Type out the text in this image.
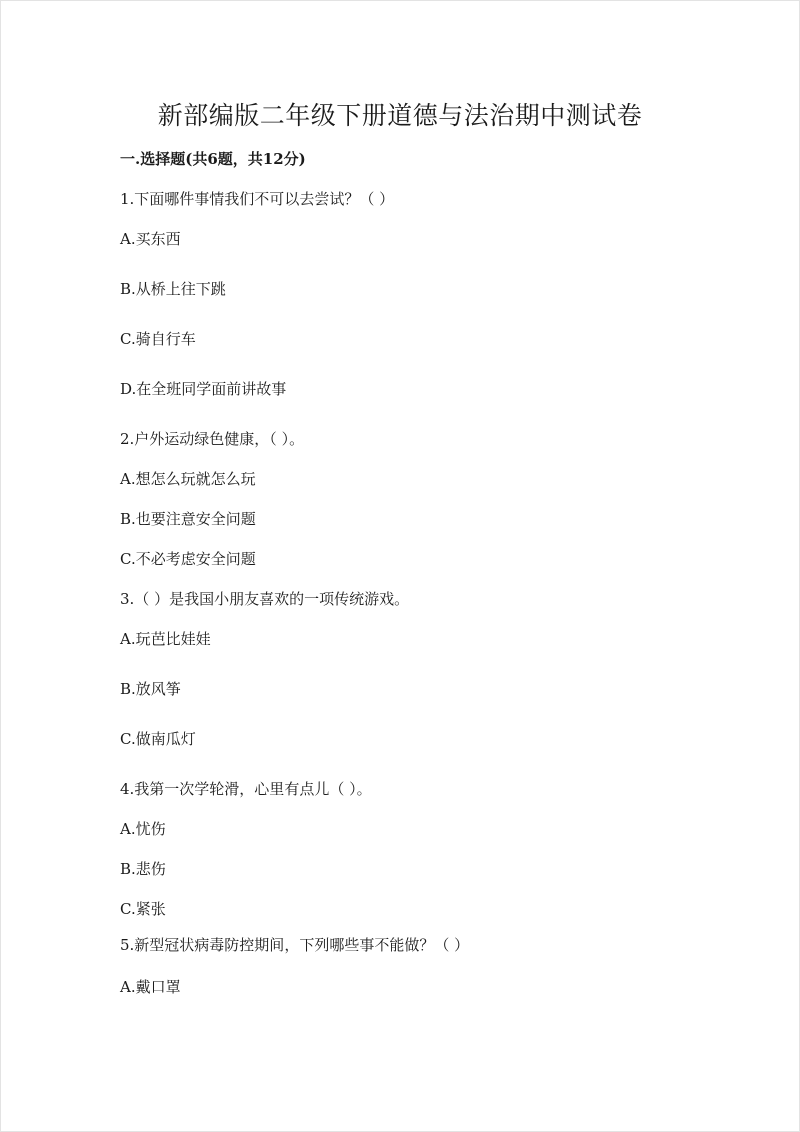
新部编版二年级下册道德与法治期中测试卷
一.选择题(共6题，共12分)
1.下面哪件事情我们不可以去尝试？（ ）
A.买东西
B.从桥上往下跳
C.骑自行车
D.在全班同学面前讲故事
2.户外运动绿色健康，（ ）。
A.想怎么玩就怎么玩
B.也要注意安全问题
C.不必考虑安全问题
3.（ ）是我国小朋友喜欢的一项传统游戏。
A.玩芭比娃娃
B.放风筝
C.做南瓜灯
4.我第一次学轮滑，心里有点儿（ ）。
A.忧伤
B.悲伤
C.紧张
5.新型冠状病毒防控期间，下列哪些事不能做？（ ）
A.戴口罩
